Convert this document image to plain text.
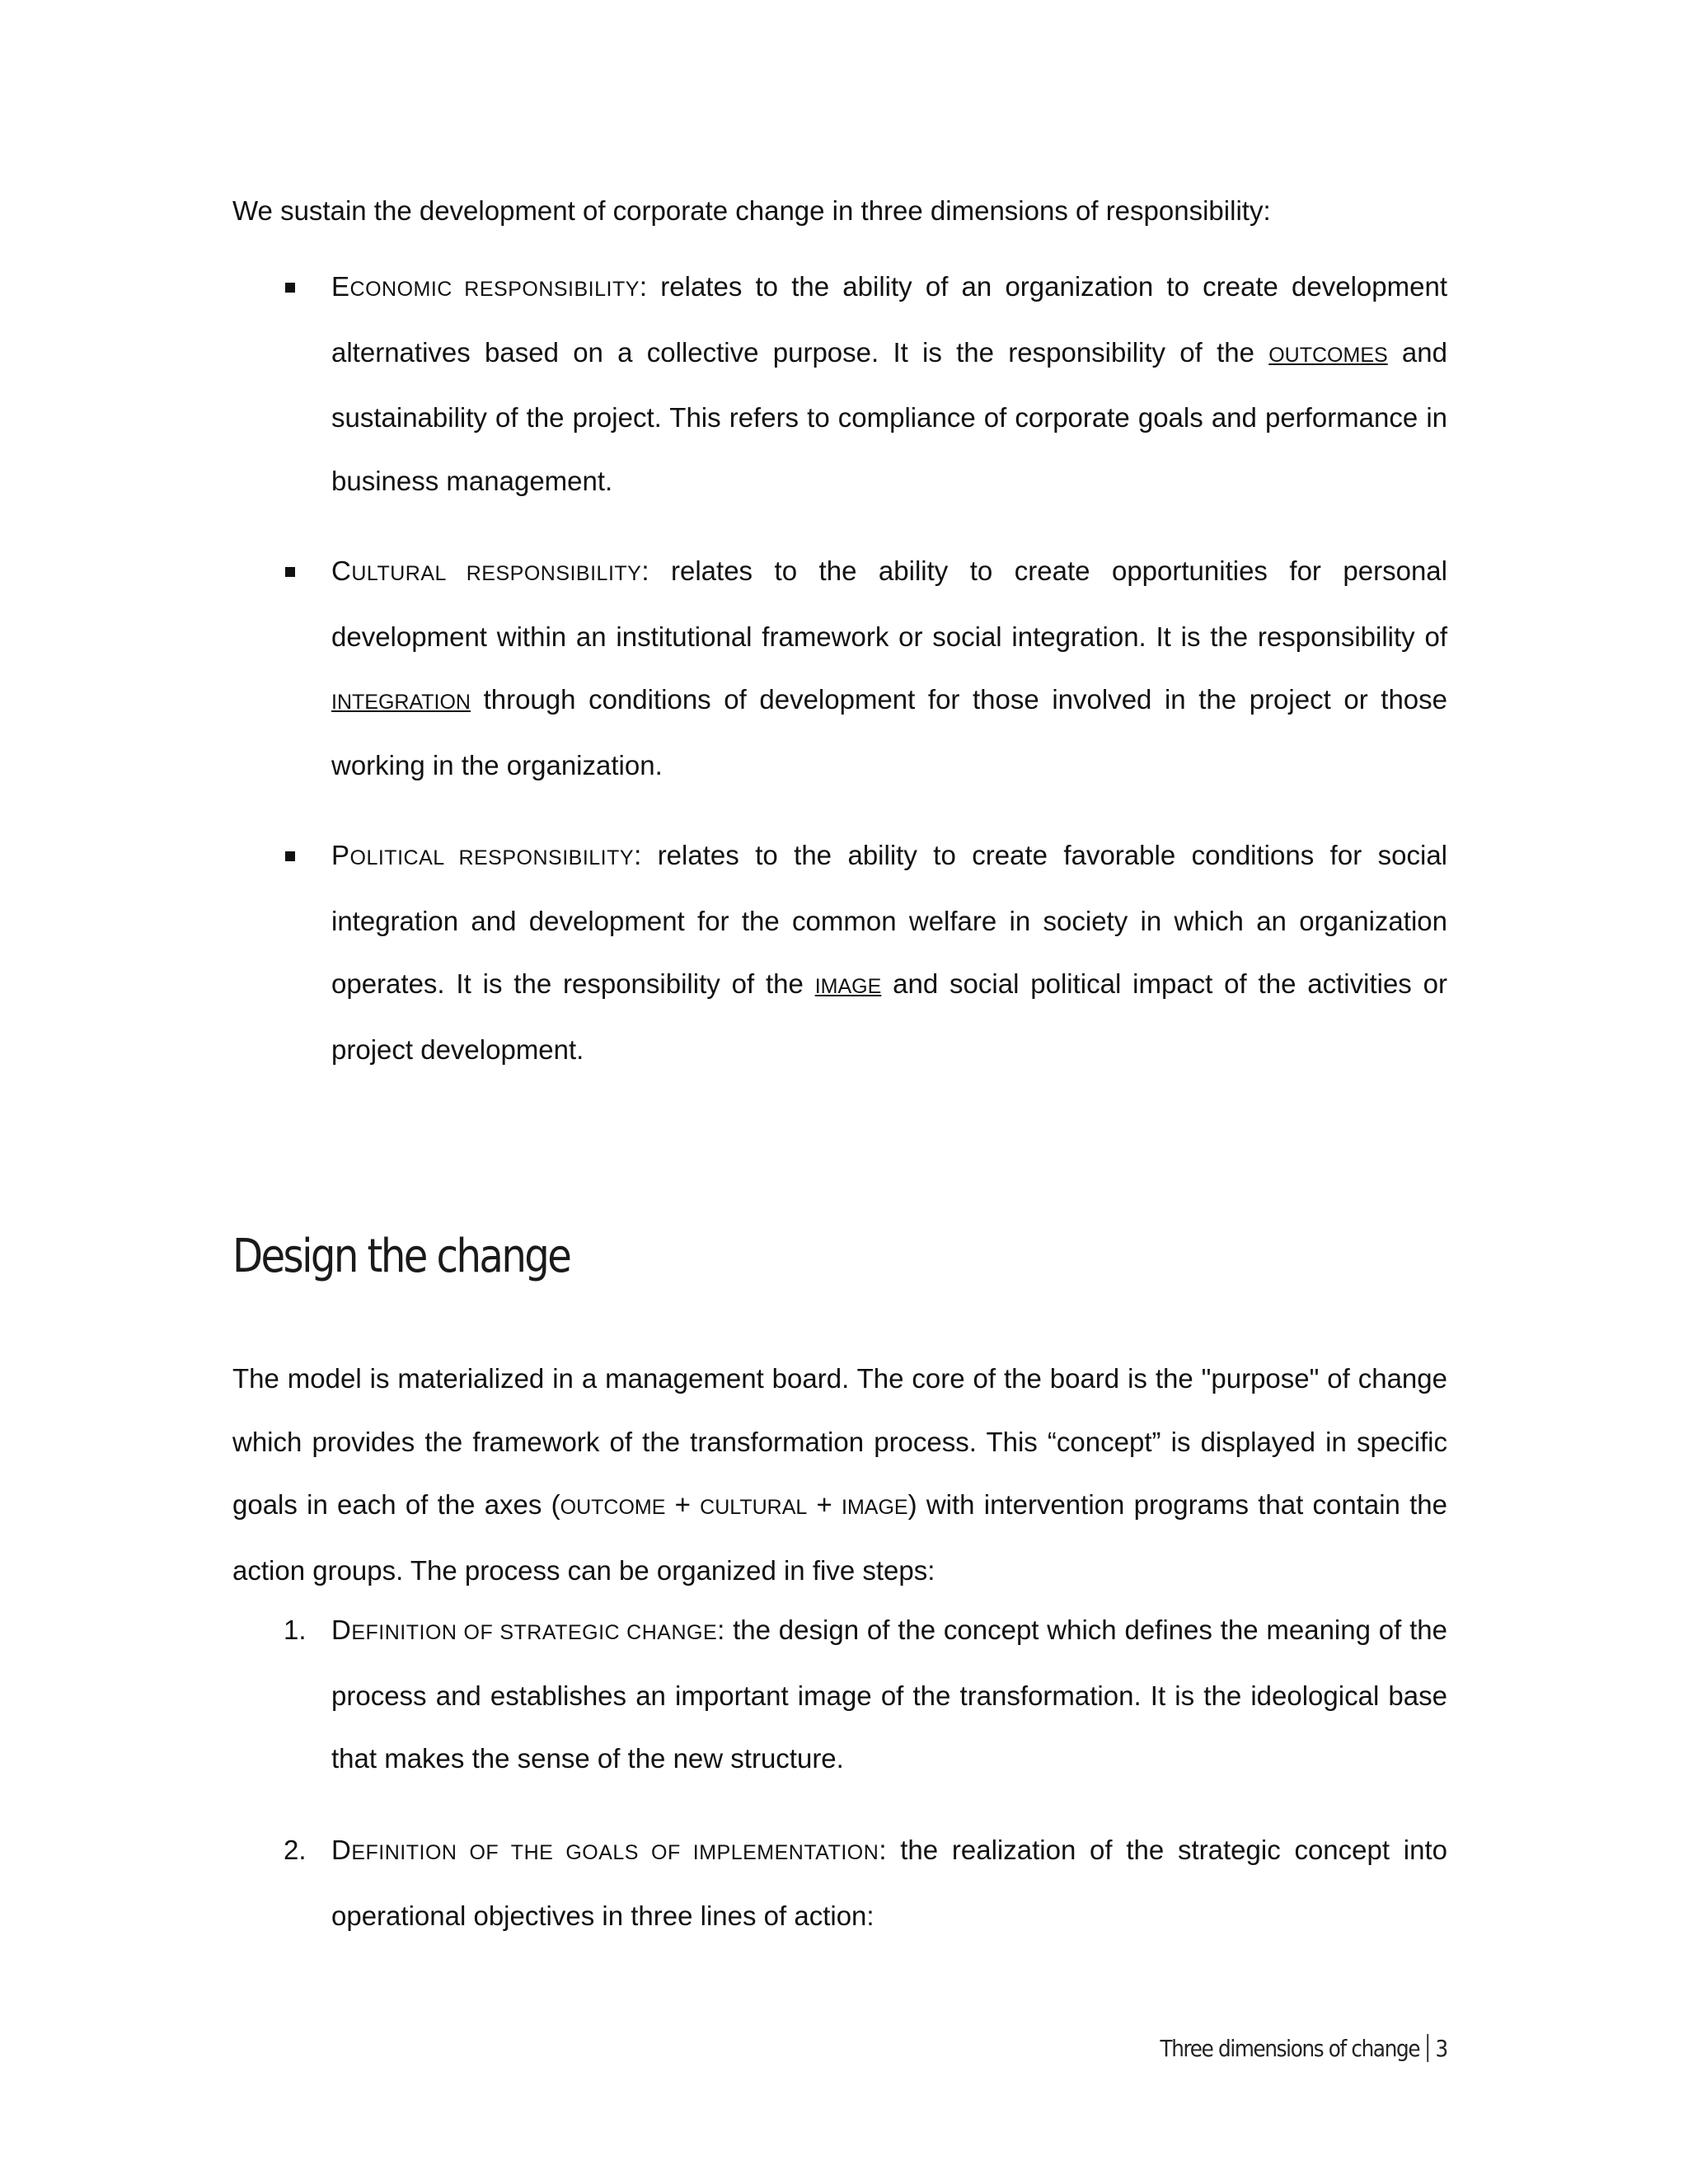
We sustain the development of corporate change in three dimensions of responsibility:

ECONOMIC RESPONSIBILITY: relates to the ability of an organization to create development alternatives based on a collective purpose. It is the responsibility of the OUTCOMES and sustainability of the project. This refers to compliance of corporate goals and performance in business management.

CULTURAL RESPONSIBILITY: relates to the ability to create opportunities for personal development within an institutional framework or social integration. It is the responsibility of INTEGRATION through conditions of development for those involved in the project or those working in the organization.

POLITICAL RESPONSIBILITY: relates to the ability to create favorable conditions for social integration and development for the common welfare in society in which an organization operates. It is the responsibility of the IMAGE and social political impact of the activities or project development.

Design the change

The model is materialized in a management board. The core of the board is the "purpose" of change which provides the framework of the transformation process. This “concept” is displayed in specific goals in each of the axes (OUTCOME + CULTURAL + IMAGE) with intervention programs that contain the action groups. The process can be organized in five steps:

1. DEFINITION OF STRATEGIC CHANGE: the design of the concept which defines the meaning of the process and establishes an important image of the transformation. It is the ideological base that makes the sense of the new structure.

2. DEFINITION OF THE GOALS OF IMPLEMENTATION: the realization of the strategic concept into operational objectives in three lines of action:

Three dimensions of change 3
